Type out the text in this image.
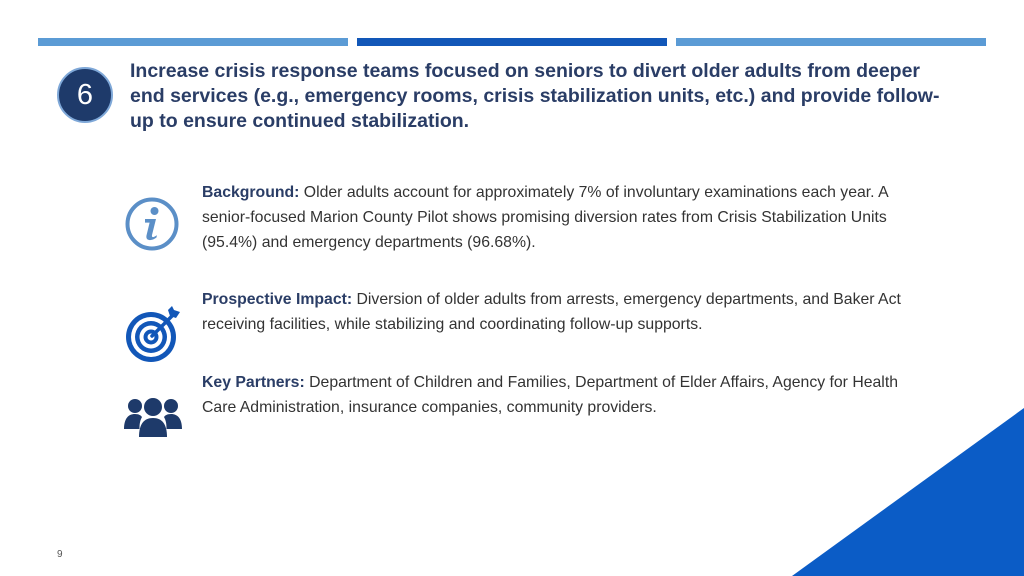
6
Increase crisis response teams focused on seniors to divert older adults from deeper end services (e.g., emergency rooms, crisis stabilization units, etc.) and provide follow-up to ensure continued stabilization.
Background: Older adults account for approximately 7% of involuntary examinations each year. A senior-focused Marion County Pilot shows promising diversion rates from Crisis Stabilization Units (95.4%) and emergency departments (96.68%).
Prospective Impact: Diversion of older adults from arrests, emergency departments, and Baker Act receiving facilities, while stabilizing and coordinating follow-up supports.
Key Partners: Department of Children and Families, Department of Elder Affairs, Agency for Health Care Administration, insurance companies, community providers.
9
